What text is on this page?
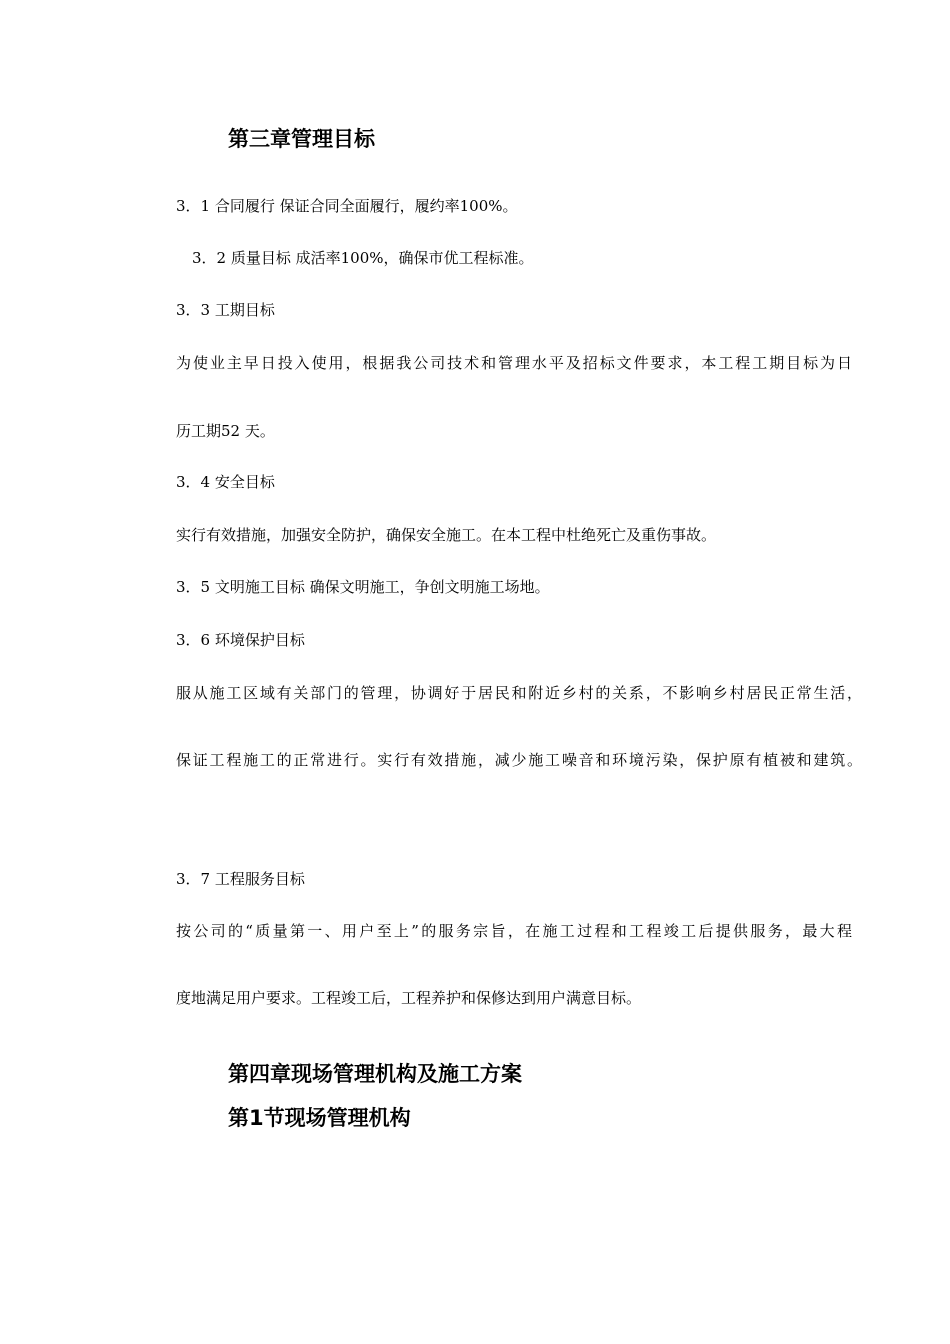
第三章管理目标
3．1 合同履行 保证合同全面履行，履约率100%。
3．2 质量目标 成活率100%，确保市优工程标准。
3．3 工期目标
为使业主早日投入使用，根据我公司技术和管理水平及招标文件要求，本工程工期目标为日
历工期52 天。
3．4 安全目标
实行有效措施，加强安全防护，确保安全施工。在本工程中杜绝死亡及重伤事故。
3．5 文明施工目标 确保文明施工，争创文明施工场地。
3．6 环境保护目标
服从施工区域有关部门的管理，协调好于居民和附近乡村的关系，不影响乡村居民正常生活，
保证工程施工的正常进行。实行有效措施，减少施工噪音和环境污染，保护原有植被和建筑。
3．7 工程服务目标
按公司的“质量第一、用户至上”的服务宗旨，在施工过程和工程竣工后提供服务，最大程
度地满足用户要求。工程竣工后，工程养护和保修达到用户满意目标。
第四章现场管理机构及施工方案
第1节现场管理机构
